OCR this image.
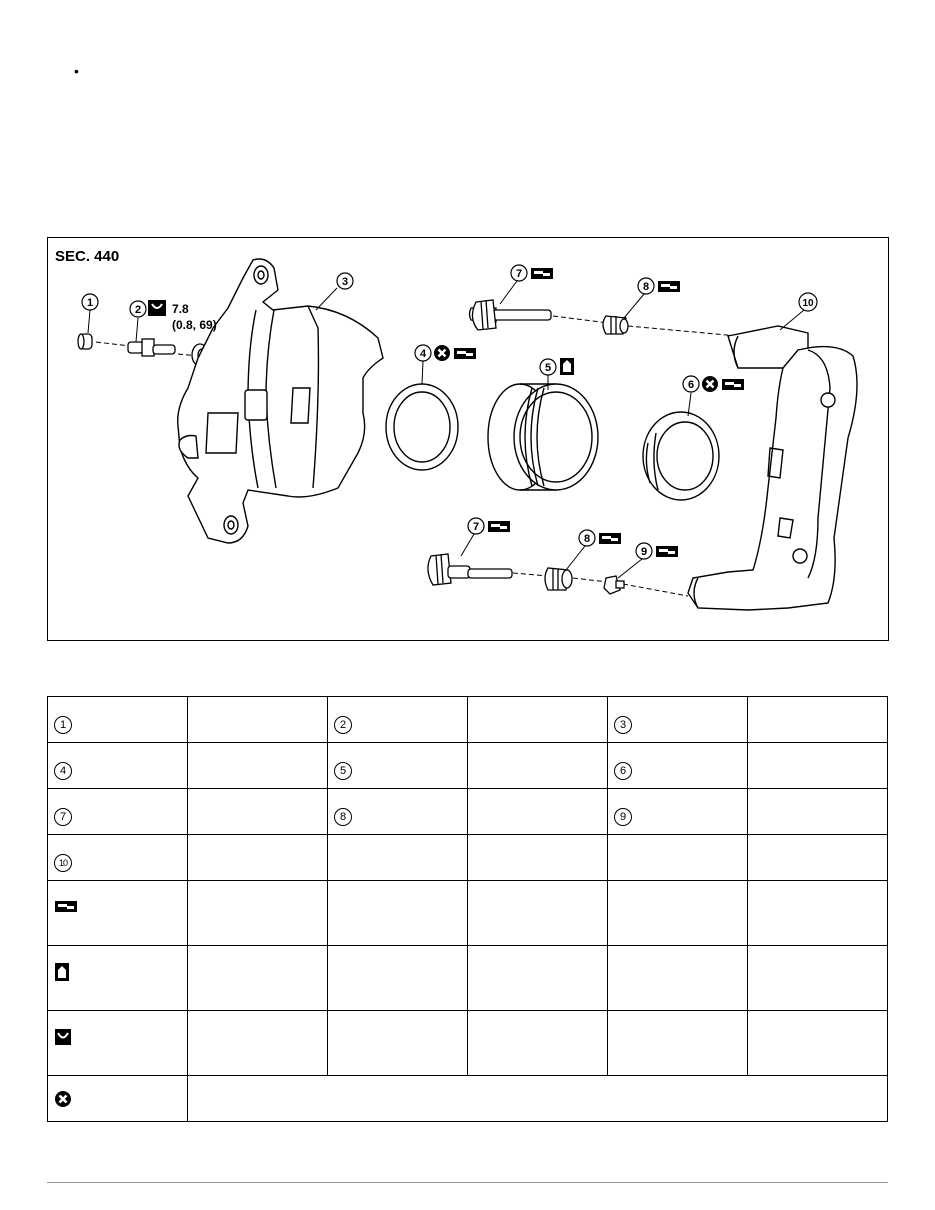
•
SEC. 440
1
2	7.8
(0.8, 69)
3
4
5
6
7
7
8
8
9
10
1		2		3	
4		5		6	
7		8		9	
10					
